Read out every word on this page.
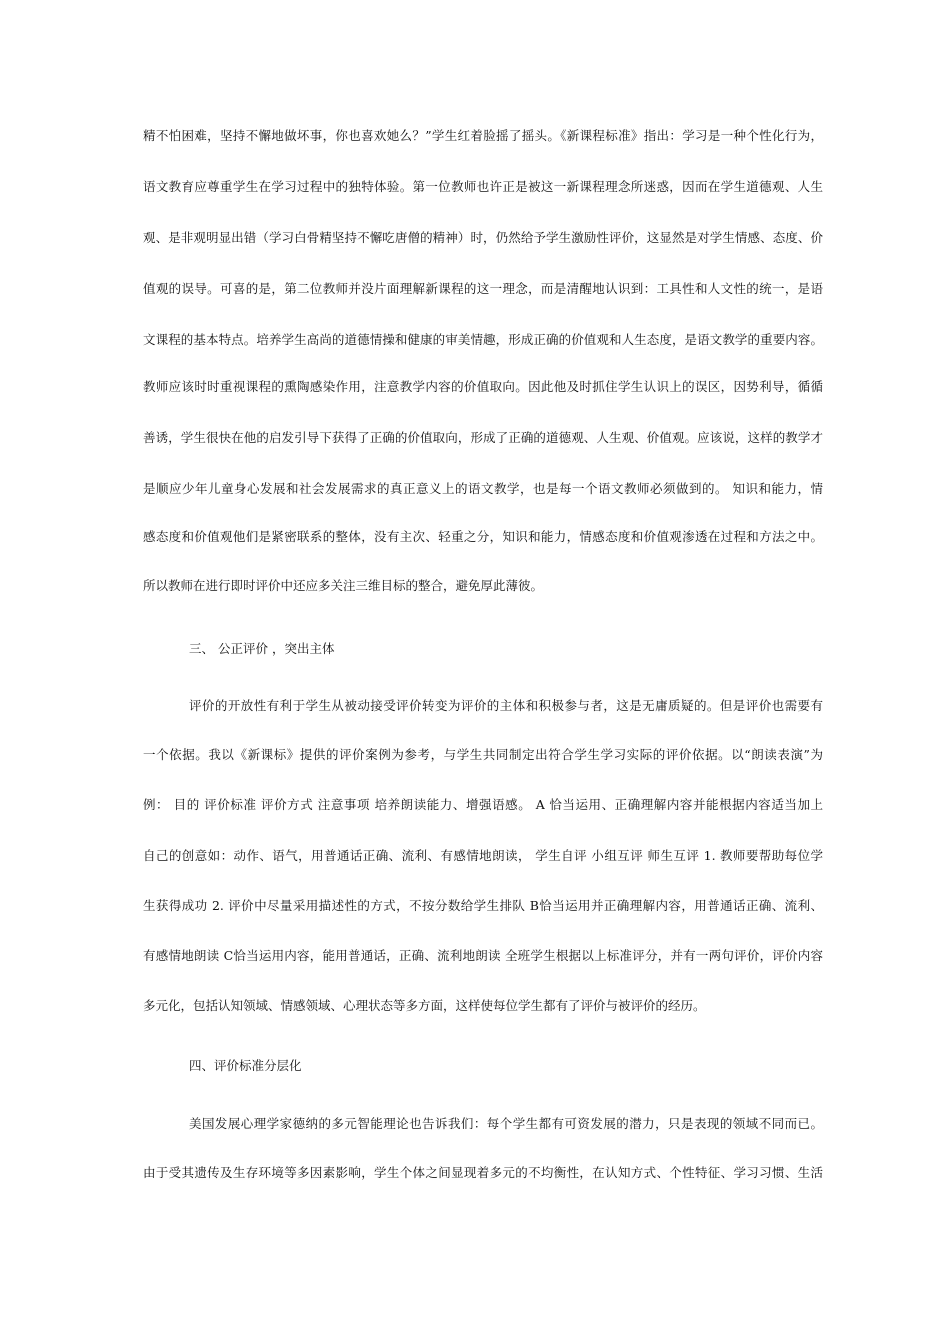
精不怕困难，坚持不懈地做坏事，你也喜欢她么？”学生红着脸摇了摇头。《新课程标准》指出：学习是一种个性化行为，
语文教育应尊重学生在学习过程中的独特体验。第一位教师也许正是被这一新课程理念所迷惑，因而在学生道德观、人生
观、是非观明显出错（学习白骨精坚持不懈吃唐僧的精神）时，仍然给予学生激励性评价，这显然是对学生情感、态度、价
值观的误导。可喜的是，第二位教师并没片面理解新课程的这一理念，而是清醒地认识到：工具性和人文性的统一，是语
文课程的基本特点。培养学生高尚的道德情操和健康的审美情趣，形成正确的价值观和人生态度，是语文教学的重要内容。
教师应该时时重视课程的熏陶感染作用，注意教学内容的价值取向。因此他及时抓住学生认识上的误区，因势利导，循循
善诱，学生很快在他的启发引导下获得了正确的价值取向，形成了正确的道德观、人生观、价值观。应该说，这样的教学才
是顺应少年儿童身心发展和社会发展需求的真正意义上的语文教学，也是每一个语文教师必须做到的。 知识和能力，情
感态度和价值观他们是紧密联系的整体，没有主次、轻重之分，知识和能力，情感态度和价值观渗透在过程和方法之中。
所以教师在进行即时评价中还应多关注三维目标的整合，避免厚此薄彼。
三、 公正评价 ，突出主体
评价的开放性有利于学生从被动接受评价转变为评价的主体和积极参与者，这是无庸质疑的。但是评价也需要有
一个依据。我以《新课标》提供的评价案例为参考，与学生共同制定出符合学生学习实际的评价依据。以“朗读表演”为
例： 目的 评价标准 评价方式 注意事项 培养朗读能力、增强语感。 A 恰当运用、正确理解内容并能根据内容适当加上
自己的创意如：动作、语气，用普通话正确、流利、有感情地朗读， 学生自评 小组互评 师生互评 1. 教师要帮助每位学
生获得成功 2. 评价中尽量采用描述性的方式，不按分数给学生排队 B恰当运用并正确理解内容，用普通话正确、流利、
有感情地朗读 C恰当运用内容，能用普通话，正确、流利地朗读 全班学生根据以上标准评分，并有一两句评价，评价内容
多元化，包括认知领域、情感领域、心理状态等多方面，这样使每位学生都有了评价与被评价的经历。
四、评价标准分层化
美国发展心理学家德纳的多元智能理论也告诉我们：每个学生都有可资发展的潜力，只是表现的领域不同而已。
由于受其遗传及生存环境等多因素影响，学生个体之间显现着多元的不均衡性，在认知方式、个性特征、学习习惯、生活
